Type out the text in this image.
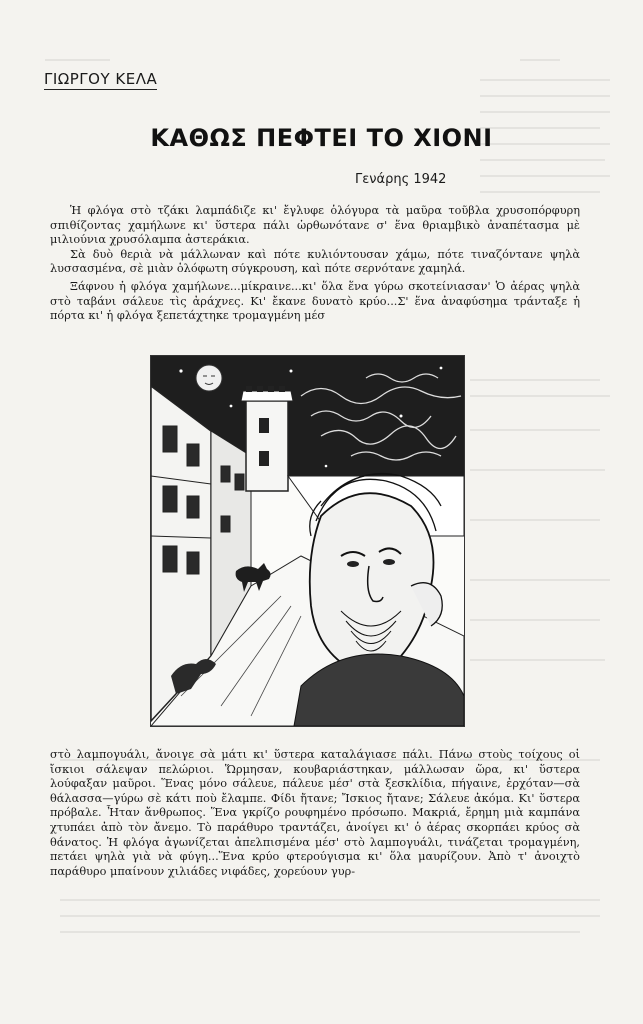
ΓΙΩΡΓΟΥ ΚΕΛΑ
ΚΑΘΩΣ ΠΕΦΤΕΙ ΤΟ ΧΙΟΝΙ
Γενάρης 1942

Ἡ φλόγα στὸ τζάκι λαμπάδιζε κι' ἔγλυφε ὁλόγυρα τὰ μαῦρα τοῦβλα χρυσοπόρφυρη σπιθίζοντας χαμήλωνε κι' ὕστερα πάλι ὡρθωνότανε σ' ἕνα θριαμβικὸ ἀναπέτασμα μὲ μιλιούνια χρυσόλαμπα ἀστεράκια.

Σὰ δυὸ θεριὰ νὰ μάλλωναν καὶ πότε κυλιόντουσαν χάμω, πότε τιναζόντανε ψηλὰ λυσσασμένα, σὲ μιὰν ὁλόφωτη σύγκρουση, καὶ πότε σερνότανε χαμηλά.

Ξάφνου ἡ φλόγα χαμήλωνε...μίκραινε...κι' ὅλα ἕνα γύρω σκοτείνιασαν' Ὁ ἀέρας ψηλὰ στὸ ταβάνι σάλευε τὶς ἀράχνες. Κι' ἔκανε δυνατὸ κρύο...Σ' ἕνα ἀναφύσημα τράνταξε ἡ πόρτα κι' ἡ φλόγα ξεπετάχτηκε τρομαγμένη μέσ

στὸ λαμπογυάλι, ἄνοιγε σὰ μάτι κι' ὕστερα καταλάγιασε πάλι. Πάνω στοὺς τοίχους οἱ ἴσκιοι σάλεψαν πελώριοι. Ὥρμησαν, κουβαριάστηκαν, μάλλωσαν ὥρα, κι' ὕστερα λούφαξαν μαῦροι. Ἕνας μόνο σάλευε, πάλευε μέσ' στὰ ξεσκλίδια, πήγαινε, ἐρχόταν—σὰ θάλασσα—γύρω σὲ κάτι ποὺ ἔλαμπε. Φίδι ἤτανε; Ἴσκιος ἤτανε; Σάλευε ἀκόμα. Κι' ὕστερα πρόβαλε. Ἦταν ἄνθρωπος. Ἕνα γκρίζο ρουφημένο πρόσωπο. Μακριά, ἔρημη μιὰ καμπάνα χτυπάει ἀπὸ τὸν ἄνεμο. Τὸ παράθυρο τραντάζει, ἀνοίγει κι' ὁ ἀέρας σκορπάει κρύος σὰ θάνατος. Ἡ φλόγα ἀγωνίζεται ἀπελπισμένα μέσ' στὸ λαμπογυάλι, τινάζεται τρομαγμένη, πετάει ψηλὰ γιὰ νὰ φύγη...Ἕνα κρύο φτερούγισμα κι' ὅλα μαυρίζουν. Ἀπὸ τ' ἀνοιχτὸ παράθυρο μπαίνουν χιλιάδες νιφάδες, χορεύουν γυρ-
